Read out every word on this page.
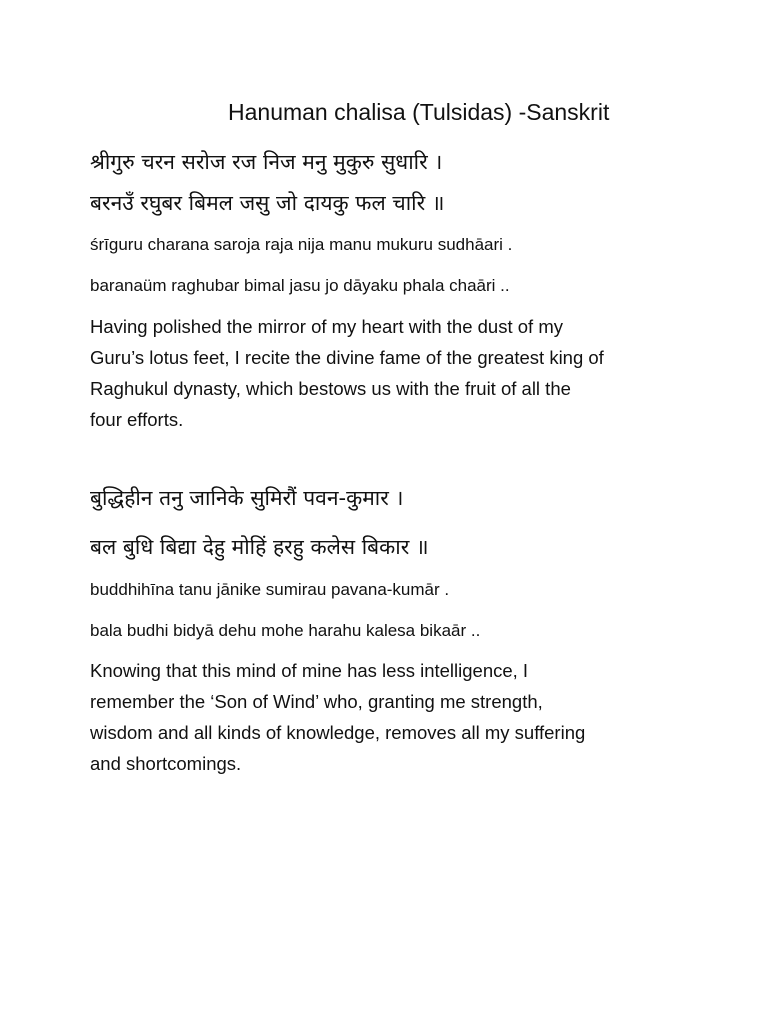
Hanuman chalisa (Tulsidas) -Sanskrit
श्रीगुरु चरन सरोज रज निज मनु मुकुरु सुधारि ।
बरनउँ रघुबर बिमल जसु जो दायकु फल चारि ॥
śrīguru charana saroja raja nija manu mukuru sudhāari .
baranaüm raghubar bimal jasu jo dāyaku phala chaāri ..
Having polished the mirror of my heart with the dust of my
Guru’s lotus feet, I recite the divine fame of the greatest king of
Raghukul dynasty, which bestows us with the fruit of all the
four efforts.
बुद्धिहीन तनु जानिके सुमिरौं पवन-कुमार ।
बल बुधि बिद्या देहु मोहिं हरहु कलेस बिकार ॥
buddhihīna tanu jānike sumirau pavana-kumār .
bala budhi bidyā dehu mohe harahu kalesa bikaār ..
Knowing that this mind of mine has less intelligence, I
remember the ‘Son of Wind’ who, granting me strength,
wisdom and all kinds of knowledge, removes all my suffering
and shortcomings.
